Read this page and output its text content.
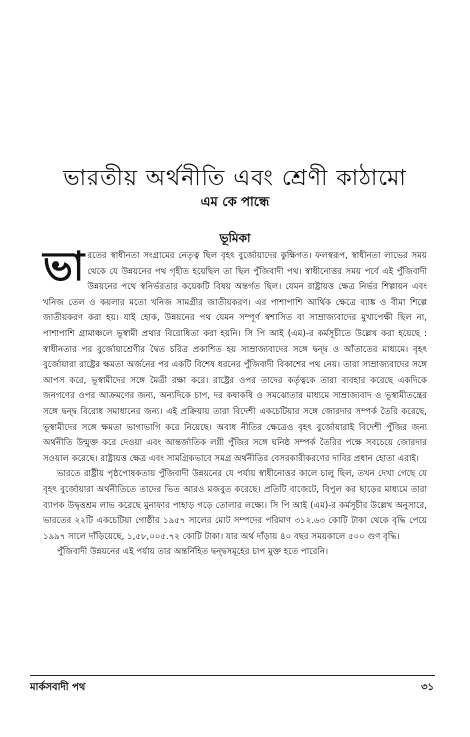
ভারতীয় অর্থনীতি এবং শ্রেণী কাঠামো
এম কে পান্ধে
ভূমিকা

ভারতের স্বাধীনতা সংগ্রামের নেতৃত্ব ছিল বৃহৎ বুর্জোয়াদের কুক্ষিগত। ফলস্বরূপ, স্বাধীনতা লাভের সময় থেকে যে উন্নয়নের পথ গৃহীত হয়েছিল তা ছিল পুঁজিবাদী পথ। স্বাধীনোত্তর সময় পর্বে এই পুঁজিবাদী উন্নয়নের পথে স্বনির্ভরতার কয়েকটি বিষয় অন্তর্গত ছিল। যেমন রাষ্ট্রায়ত্ত ক্ষেত্র নির্ভর শিল্পায়ন এবং খনিজ তেল ও কয়লার মতো খনিজ সামগ্রীর জাতীয়করণ। এর পাশাপাশি আর্থিক ক্ষেত্রে ব্যাঙ্ক ও বীমা শিল্পে জাতীয়করণ করা হয়। যাই হোক, উন্নয়নের পথ যেমন সম্পূর্ণ স্বশাসিত বা সাম্রাজ্যবাদের মুখাপেক্ষী ছিল না, পাশাপাশি গ্রামাঞ্চলে ভূস্বামী প্রথার বিরোধিতা করা হয়নি। সি পি আই (এম)-র কর্মসূচীতে উল্লেখ করা হয়েছে : স্বাধীনতার পর বুর্জোয়াশ্রেণীর দ্বৈত চরিত্র প্রকাশিত হয় সাম্রাজ্যবাদের সঙ্গে দ্বন্দ্ব ও আঁতাতের মাধ্যমে। বৃহৎ বুর্জোয়ারা রাষ্ট্রের ক্ষমতা অর্জনের পর একটি বিশেষ ধরনের পুঁজিবাদী বিকাশের পথ নেয়। তারা সাম্রাজ্যবাদের সঙ্গে আপস করে, ভূস্বামীদের সঙ্গে মৈত্রী রক্ষা করে। রাষ্ট্রের ওপর তাদের কর্তৃত্বকে তারা ব্যবহার করেছে একদিকে জনগণের ওপর আক্রমণের জন্য, অন্যদিকে চাপ, দর কষাকষি ও সমঝোতার মাধ্যমে সাম্রাজ্যবাদ ও ভূস্বামীতন্ত্রের সঙ্গে দ্বন্দ্ব বিরোধ সমাধানের জন্য। এই প্রক্রিয়ায় তারা বিদেশী একচেটিয়ার সঙ্গে জোরদার সম্পর্ক তৈরি করেছে, ভূস্বামীদের সঙ্গে ক্ষমতা ভাগাভাগি করে নিয়েছে। অবাধ নীতির ক্ষেত্রেও বৃহৎ বুর্জোয়ারাই বিদেশী পুঁজির জন্য অর্থনীতি উন্মুক্ত করে দেওয়া এবং আন্তর্জাতিক লগ্নী পুঁজির সঙ্গে ঘনিষ্ঠ সম্পর্ক তৈরির পক্ষে সবচেয়ে জোরদার সওয়াল করেছে। রাষ্ট্রায়ত্ত ক্ষেত্র এবং সামগ্রিকভাবে সমগ্র অর্থনীতির বেসরকারীকরণের দাবির প্রধান হোতা এরাই।

ভারতে রাষ্ট্রীয় পৃষ্ঠপোষকতায় পুঁজিবাদী উন্নয়নের যে পর্যায় স্বাধীনোত্তর কালে চালু ছিল, তখন দেখা গেছে যে বৃহৎ বুর্জোয়ারা অর্থনীতিতে তাদের ভিত আরও মজবুত করেছে। প্রতিটি বাজেটে, বিপুল কর ছাড়ের মাধ্যমে তারা ব্যাপক উদ্বৃত্তশ্রম লাভ করেছে মুনাফার পাহাড় গড়ে তোলার লক্ষ্যে। সি পি আই (এম)-র কর্মসূচীর উল্লেখ অনুসারে, ভারতের ২২টি একচেটিয়া গোষ্ঠীর ১৯৫৭ সালের মোট সম্পদের পরিমাণ ৩১২.৬৩ কোটি টাকা থেকে বৃদ্ধি পেয়ে ১৯৯৭ সালে দাঁড়িয়েছে, ১,৫৮,০০৫.৭২ কোটি টাকা। যার অর্থ দাঁড়ায় ৪০ বছর সময়কালে ৫০০ গুণ বৃদ্ধি।

পুঁজিবাদী উন্নয়নের এই পর্যায় তার অন্তর্নিহিত দ্বন্দ্বসমূহের চাপ মুক্ত হতে পারেনি।

মার্কসবাদী পথ	৩১
